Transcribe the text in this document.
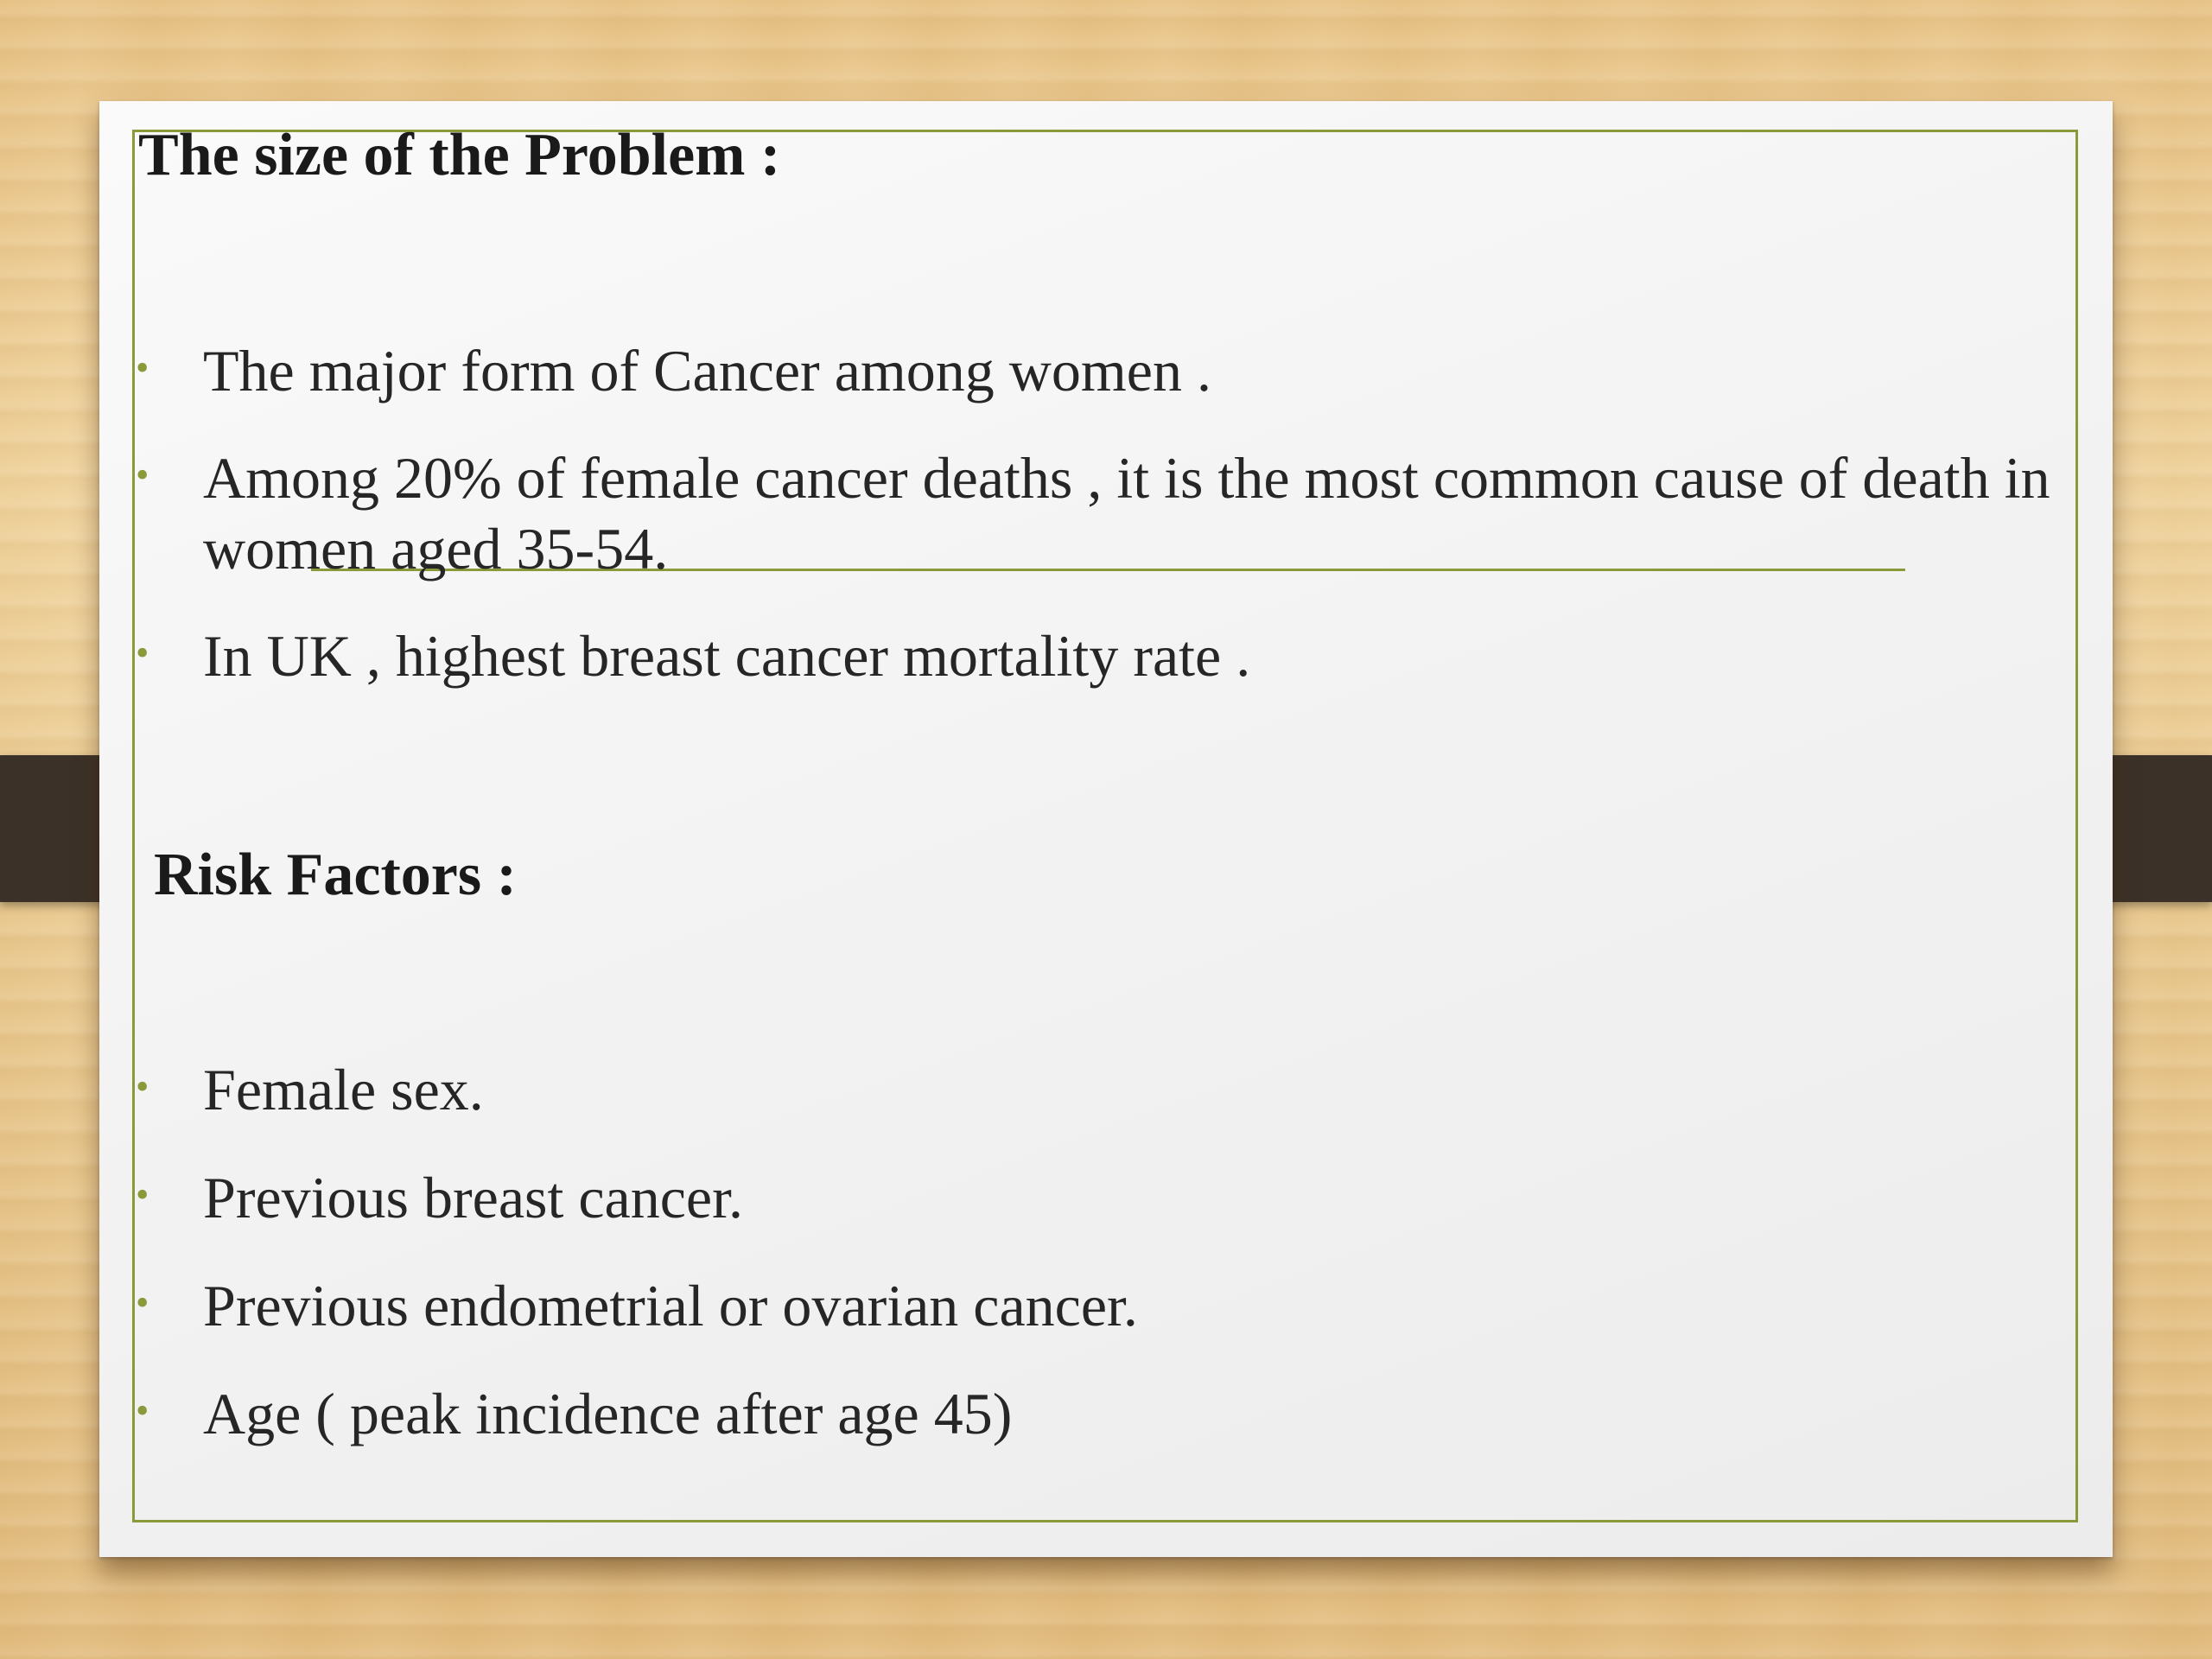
The size of the Problem :
• The major form of Cancer among women .
• Among 20% of female cancer deaths , it is the most common cause of death in women aged 35-54.
• In UK , highest breast cancer mortality rate .
Risk Factors :
• Female sex.
• Previous breast cancer.
• Previous endometrial or ovarian cancer.
• Age ( peak incidence after age 45)
